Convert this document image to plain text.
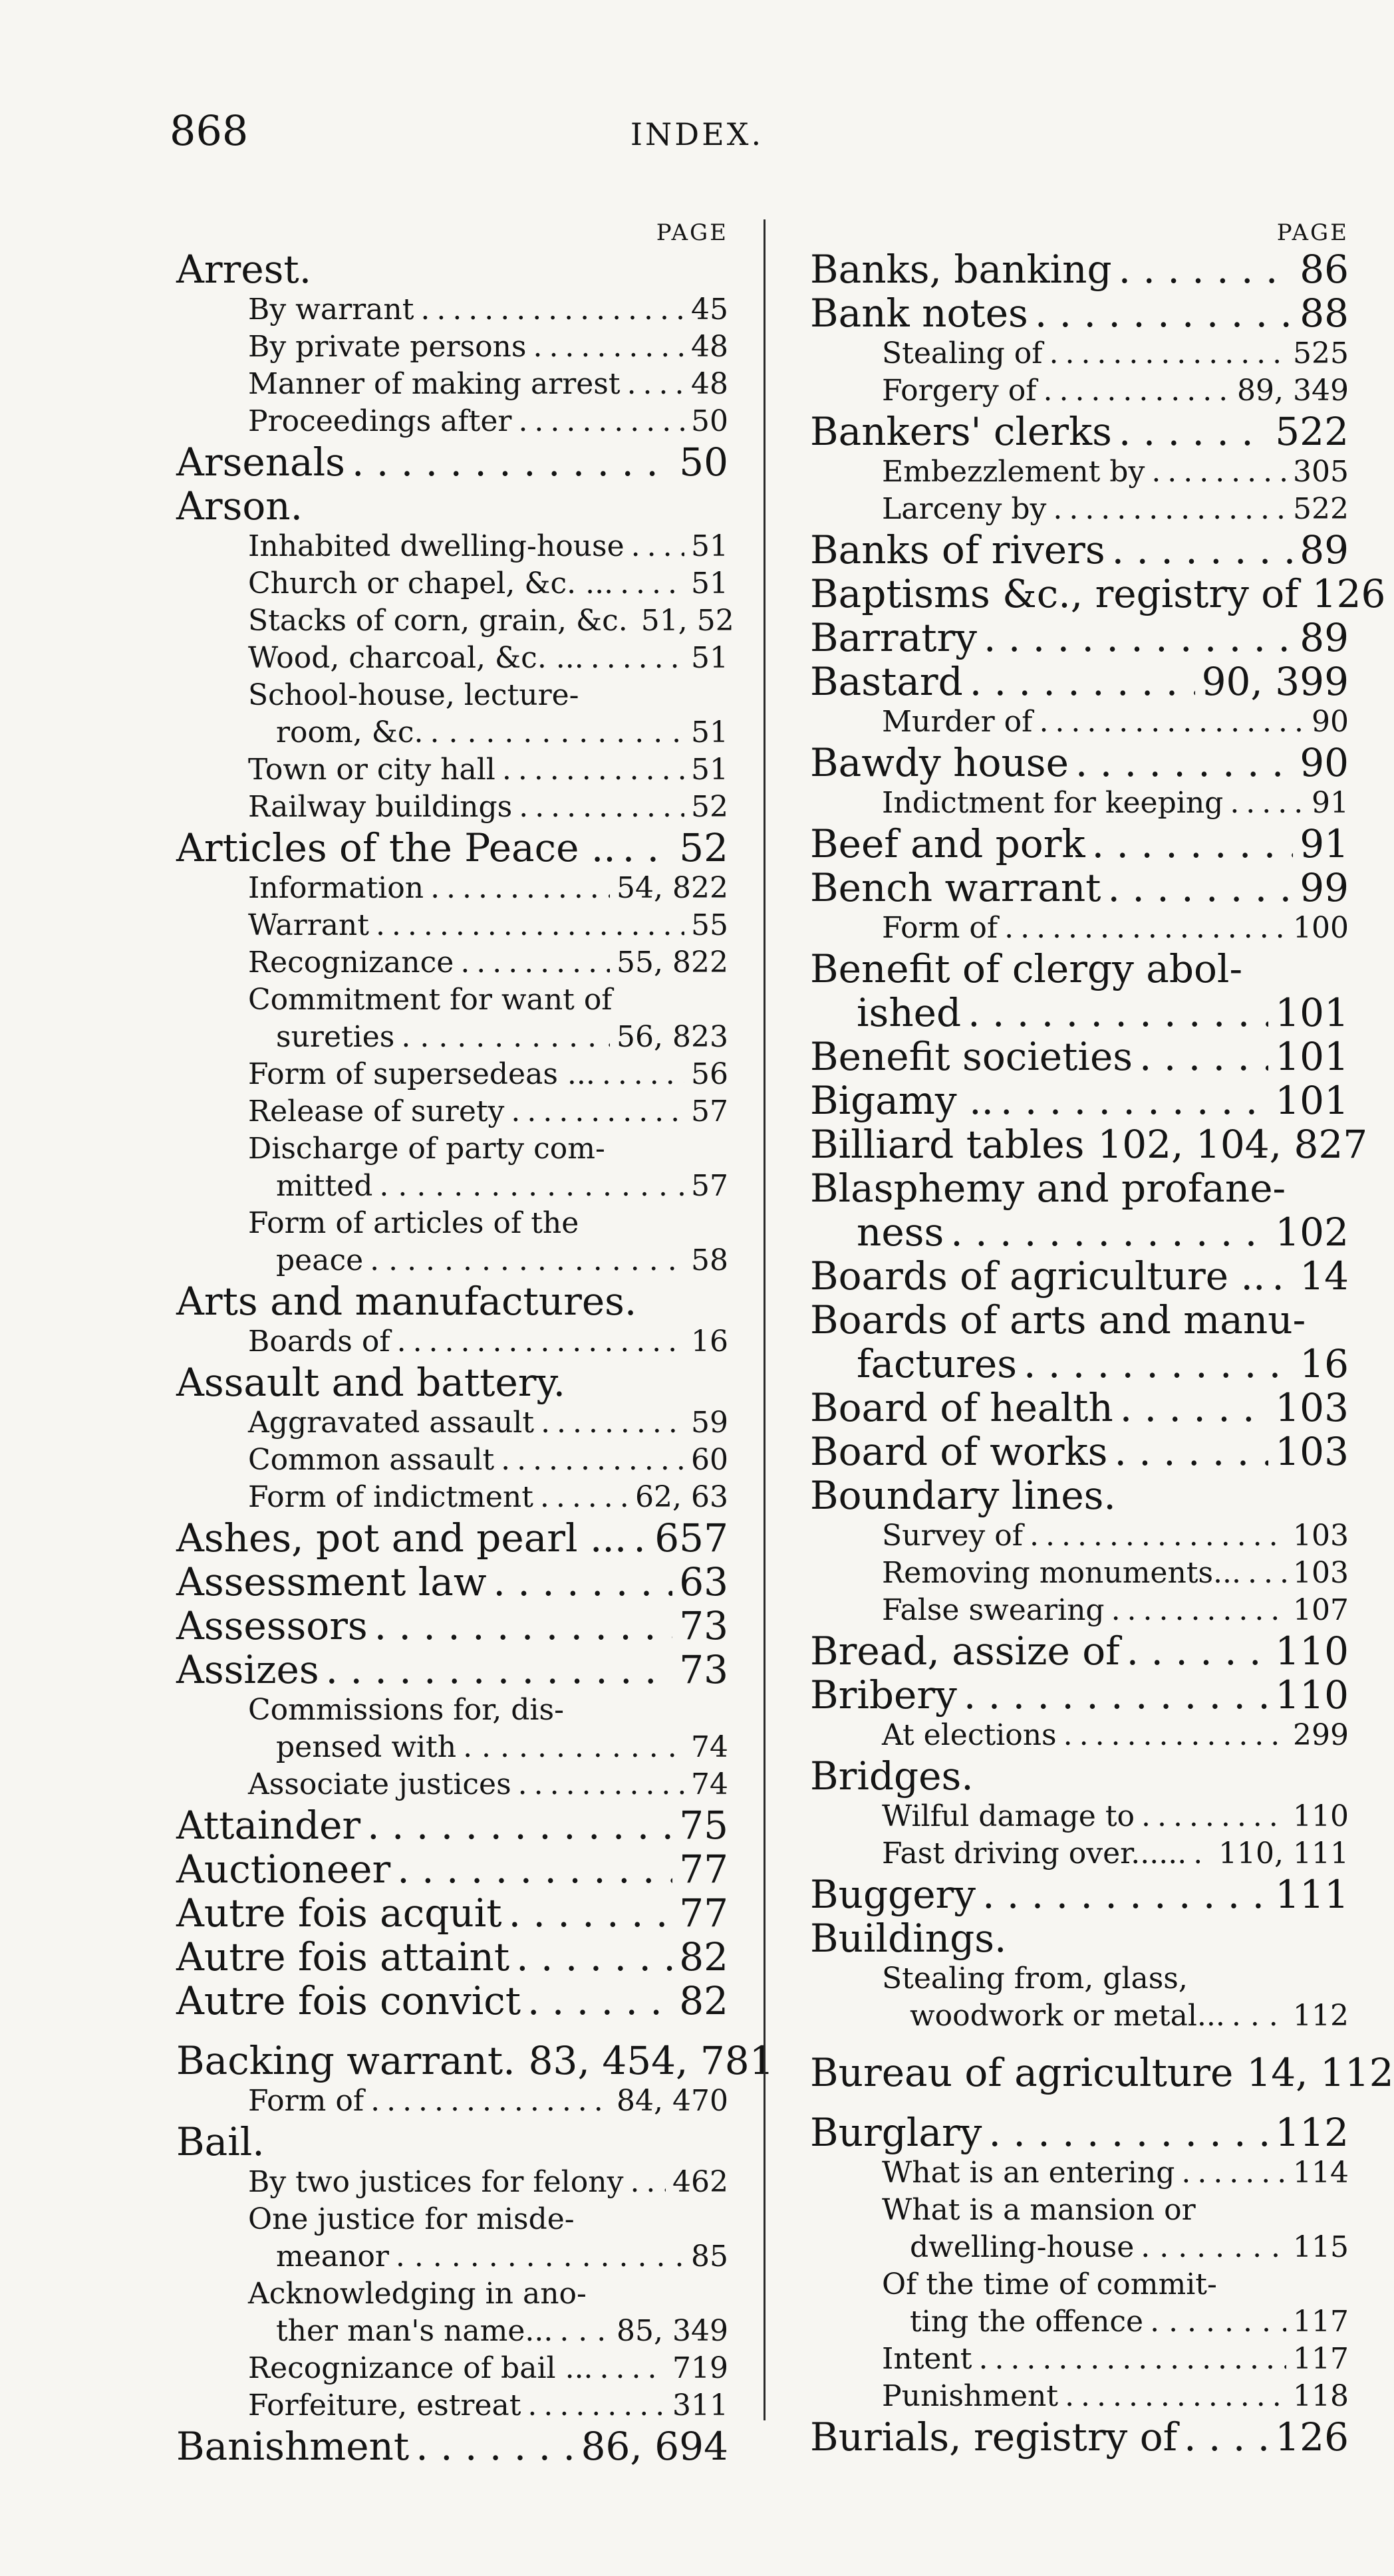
868	INDEX.
PAGE
Arrest.
By warrant . . .	45
By private persons . . .	48
Manner of making arrest . . . 48
Proceedings after . . .	50
Arsenals . . .	50
Arson.
Inhabited dwelling-house . . . 51
Church or chapel, &c. ... . . .	51
Stacks of corn, grain, &c. 51, 52
Wood, charcoal, &c. ... . . .	51
School-house, lecture-
room, &c. . . .	51
Town or city hall . . .	51
Railway buildings . . .	52
Articles of the Peace .. . . . 52
Information . . .	54, 822
Warrant . . .	55
Recognizance . . .	55, 822
Commitment for want of
sureties . . .	56, 823
Form of supersedeas ... . . .	56
Release of surety . . .	57
Discharge of party com-
mitted . . .	57
Form of articles of the
peace . . .	58
Arts and manufactures.
Boards of . . .	16
Assault and battery.
Aggravated assault . . .	59
Common assault . . .	60
Form of indictment . . .	62, 63
Ashes, pot and pearl ... . . . 657
Assessment law . . .	63
Assessors . . .	73
Assizes . . .	73
Commissions for, dis-
pensed with . . .	74
Associate justices . . .	74
Attainder . . .	75
Auctioneer . . .	77
Autre fois acquit . . .	77
Autre fois attaint . . .	82
Autre fois convict . . .	82
Backing warrant. 83, 454, 781
Form of . . .	84, 470
Bail.
By two justices for felony . . . 462
One justice for misde-
meanor . . .	85
Acknowledging in ano-
ther man's name... . . . 85, 349
Recognizance of bail ... . . .	719
Forfeiture, estreat . . .	311
Banishment . . .	86, 694
PAGE
Banks, banking . . .	86
Bank notes . . .	88
Stealing of . . .	525
Forgery of . . .	89, 349
Bankers' clerks . . .	522
Embezzlement by . . .	305
Larceny by . . .	522
Banks of rivers . . .	89
Baptisms &c., registry of 126
Barratry . . .	89
Bastard . . .	90, 399
Murder of . . .	90
Bawdy house . . .	90
Indictment for keeping . . .	91
Beef and pork . . .	91
Bench warrant . . .	99
Form of . . .	100
Benefit of clergy abol-
ished . . .	101
Benefit societies . . .	101
Bigamy .. . . .	101
Billiard tables 102, 104, 827
Blasphemy and profane-
ness . . .	102
Boards of agriculture .. . . . 14
Boards of arts and manu-
factures . . .	16
Board of health . . .	103
Board of works . . .	103
Boundary lines.
Survey of . . .	103
Removing monuments... . . . 103
False swearing . . .	107
Bread, assize of . . .	110
Bribery . . .	110
At elections . . .	299
Bridges.
Wilful damage to . . .	110
Fast driving over...... . . . 110, 111
Buggery . . .	111
Buildings.
Stealing from, glass,
woodwork or metal... . . . 112
Bureau of agriculture 14, 112
Burglary . . .	112
What is an entering . . .	114
What is a mansion or
dwelling-house . . .	115
Of the time of commit-
ting the offence . . .	117
Intent . . .	117
Punishment . . .	118
Burials, registry of . . .	126
